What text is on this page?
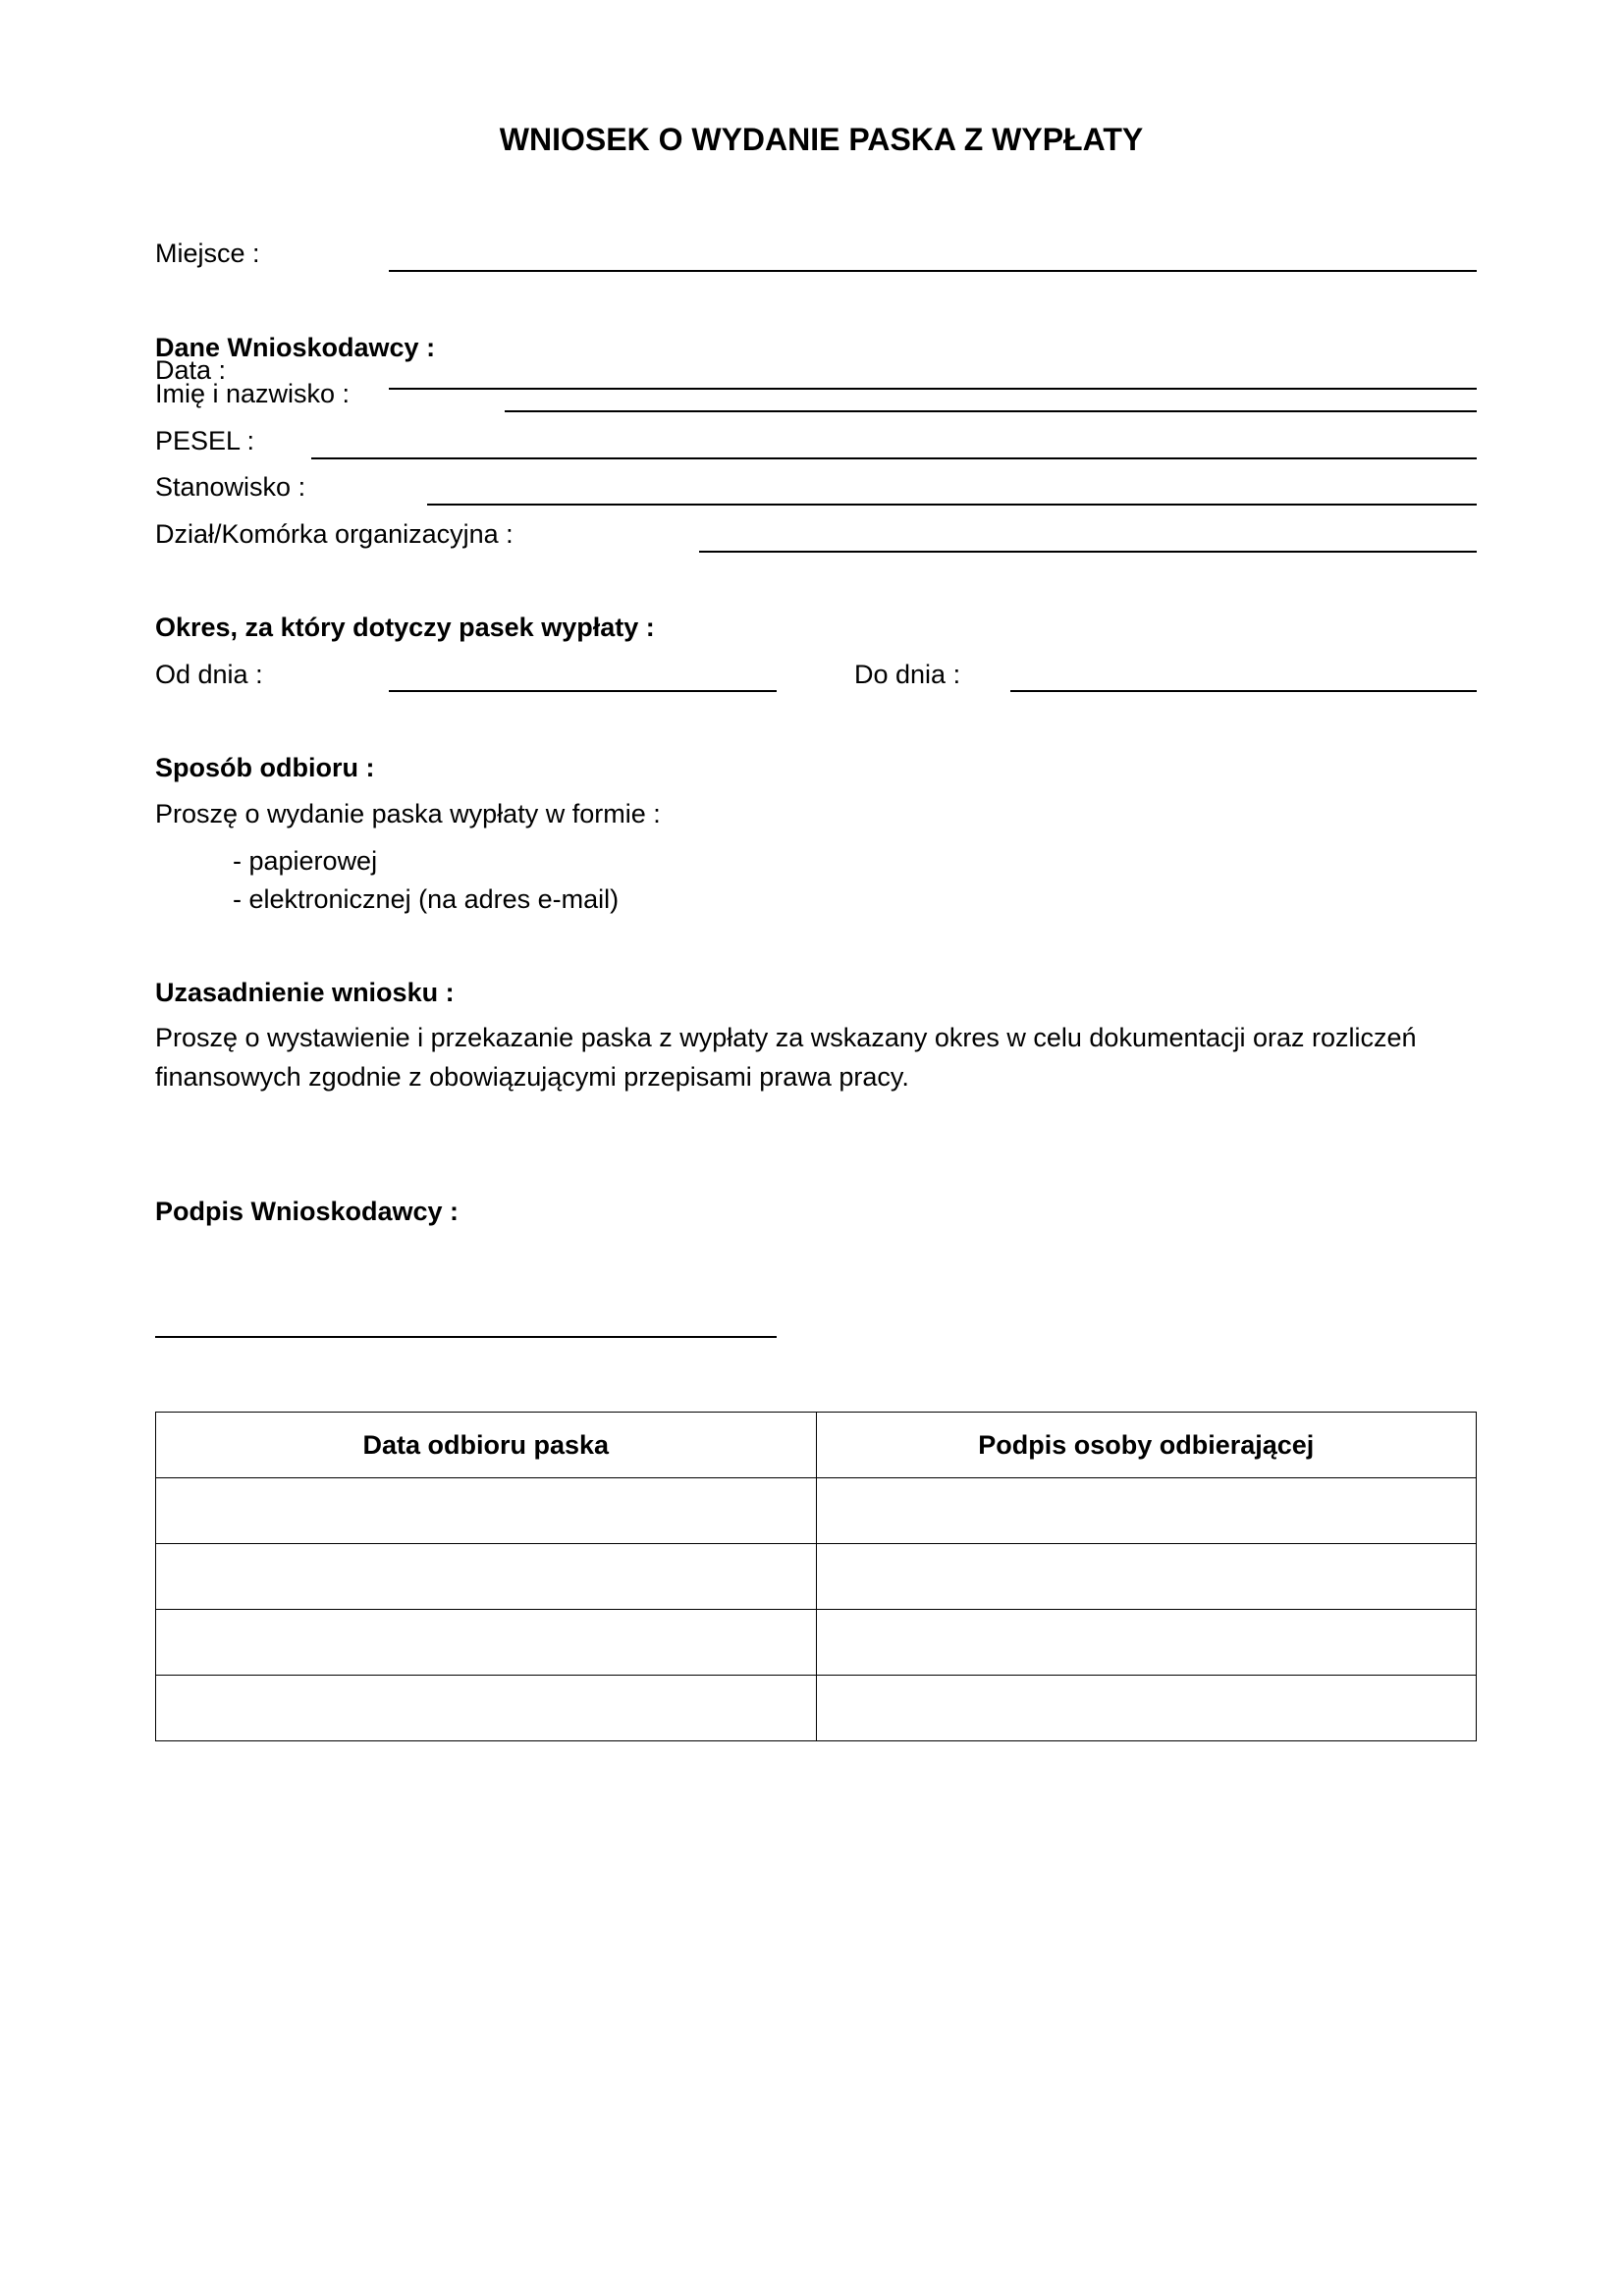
WNIOSEK O WYDANIE PASKA Z WYPŁATY
Miejsce :
Dane Wnioskodawcy :
Data :
Imię i nazwisko :
PESEL :
Stanowisko :
Dział/Komórka organizacyjna :
Okres, za który dotyczy pasek wypłaty :
Od dnia :	Do dnia :
Sposób odbioru :
Proszę o wydanie paska wypłaty w formie :
- papierowej
- elektronicznej (na adres e-mail)
Uzasadnienie wniosku :
Proszę o wystawienie i przekazanie paska z wypłaty za wskazany okres w celu dokumentacji oraz rozliczeń finansowych zgodnie z obowiązującymi przepisami prawa pracy.
Podpis Wnioskodawcy :
Data odbioru paska	Podpis osoby odbierającej
